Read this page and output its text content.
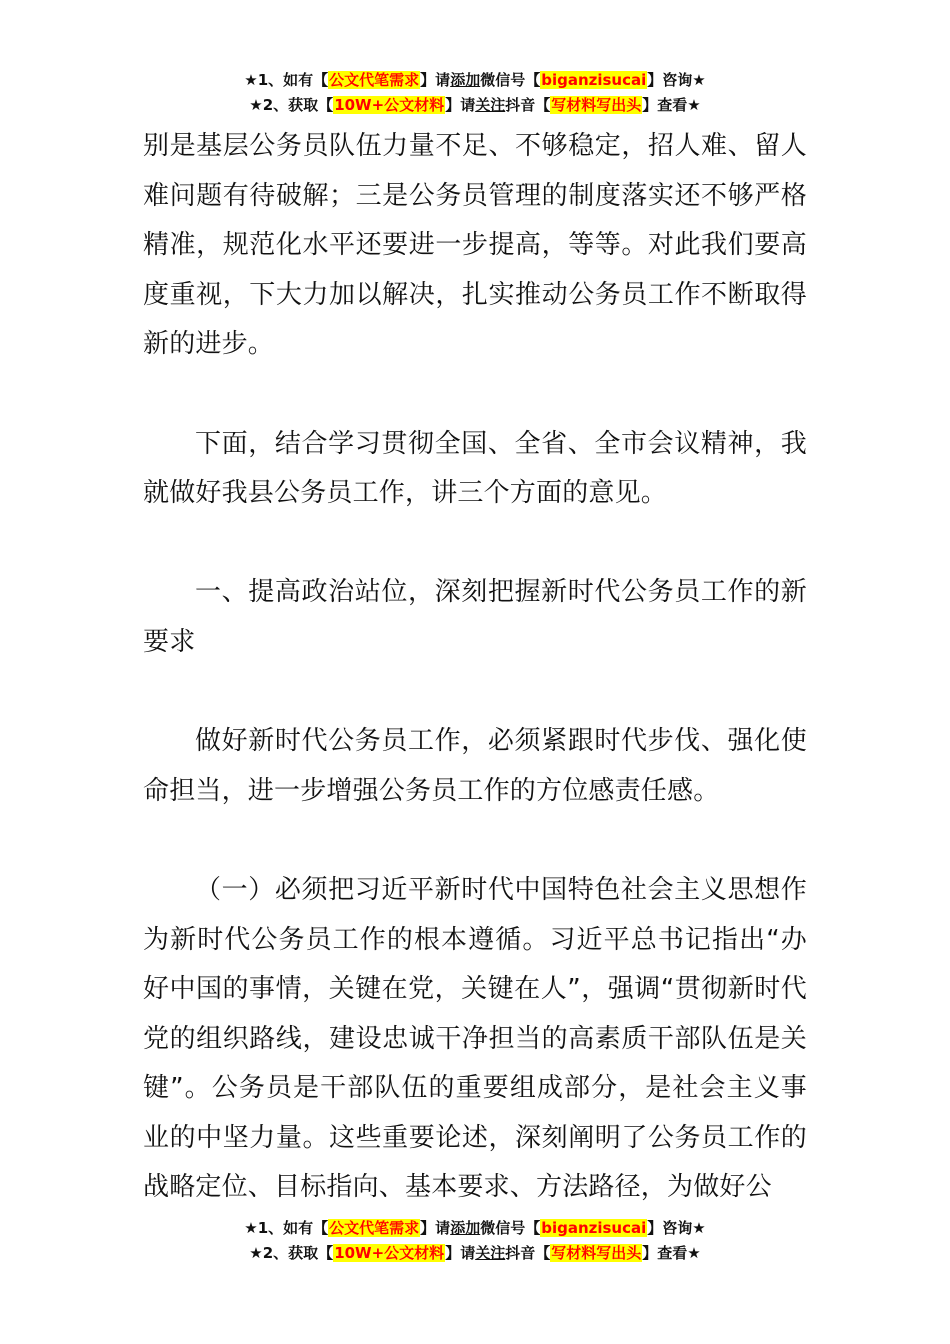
★1、如有【公文代笔需求】请添加微信号【biganzisucai】咨询★
★2、获取【10W+公文材料】请关注抖音【写材料写出头】查看★

别是基层公务员队伍力量不足、不够稳定，招人难、留人难问题有待破解；三是公务员管理的制度落实还不够严格精准，规范化水平还要进一步提高，等等。对此我们要高度重视，下大力加以解决，扎实推动公务员工作不断取得新的进步。

下面，结合学习贯彻全国、全省、全市会议精神，我就做好我县公务员工作，讲三个方面的意见。

一、提高政治站位，深刻把握新时代公务员工作的新要求

做好新时代公务员工作，必须紧跟时代步伐、强化使命担当，进一步增强公务员工作的方位感责任感。

（一）必须把习近平新时代中国特色社会主义思想作为新时代公务员工作的根本遵循。习近平总书记指出“办好中国的事情，关键在党，关键在人”，强调“贯彻新时代党的组织路线，建设忠诚干净担当的高素质干部队伍是关键”。公务员是干部队伍的重要组成部分，是社会主义事业的中坚力量。这些重要论述，深刻阐明了公务员工作的战略定位、目标指向、基本要求、方法路径，为做好公

★1、如有【公文代笔需求】请添加微信号【biganzisucai】咨询★
★2、获取【10W+公文材料】请关注抖音【写材料写出头】查看★
